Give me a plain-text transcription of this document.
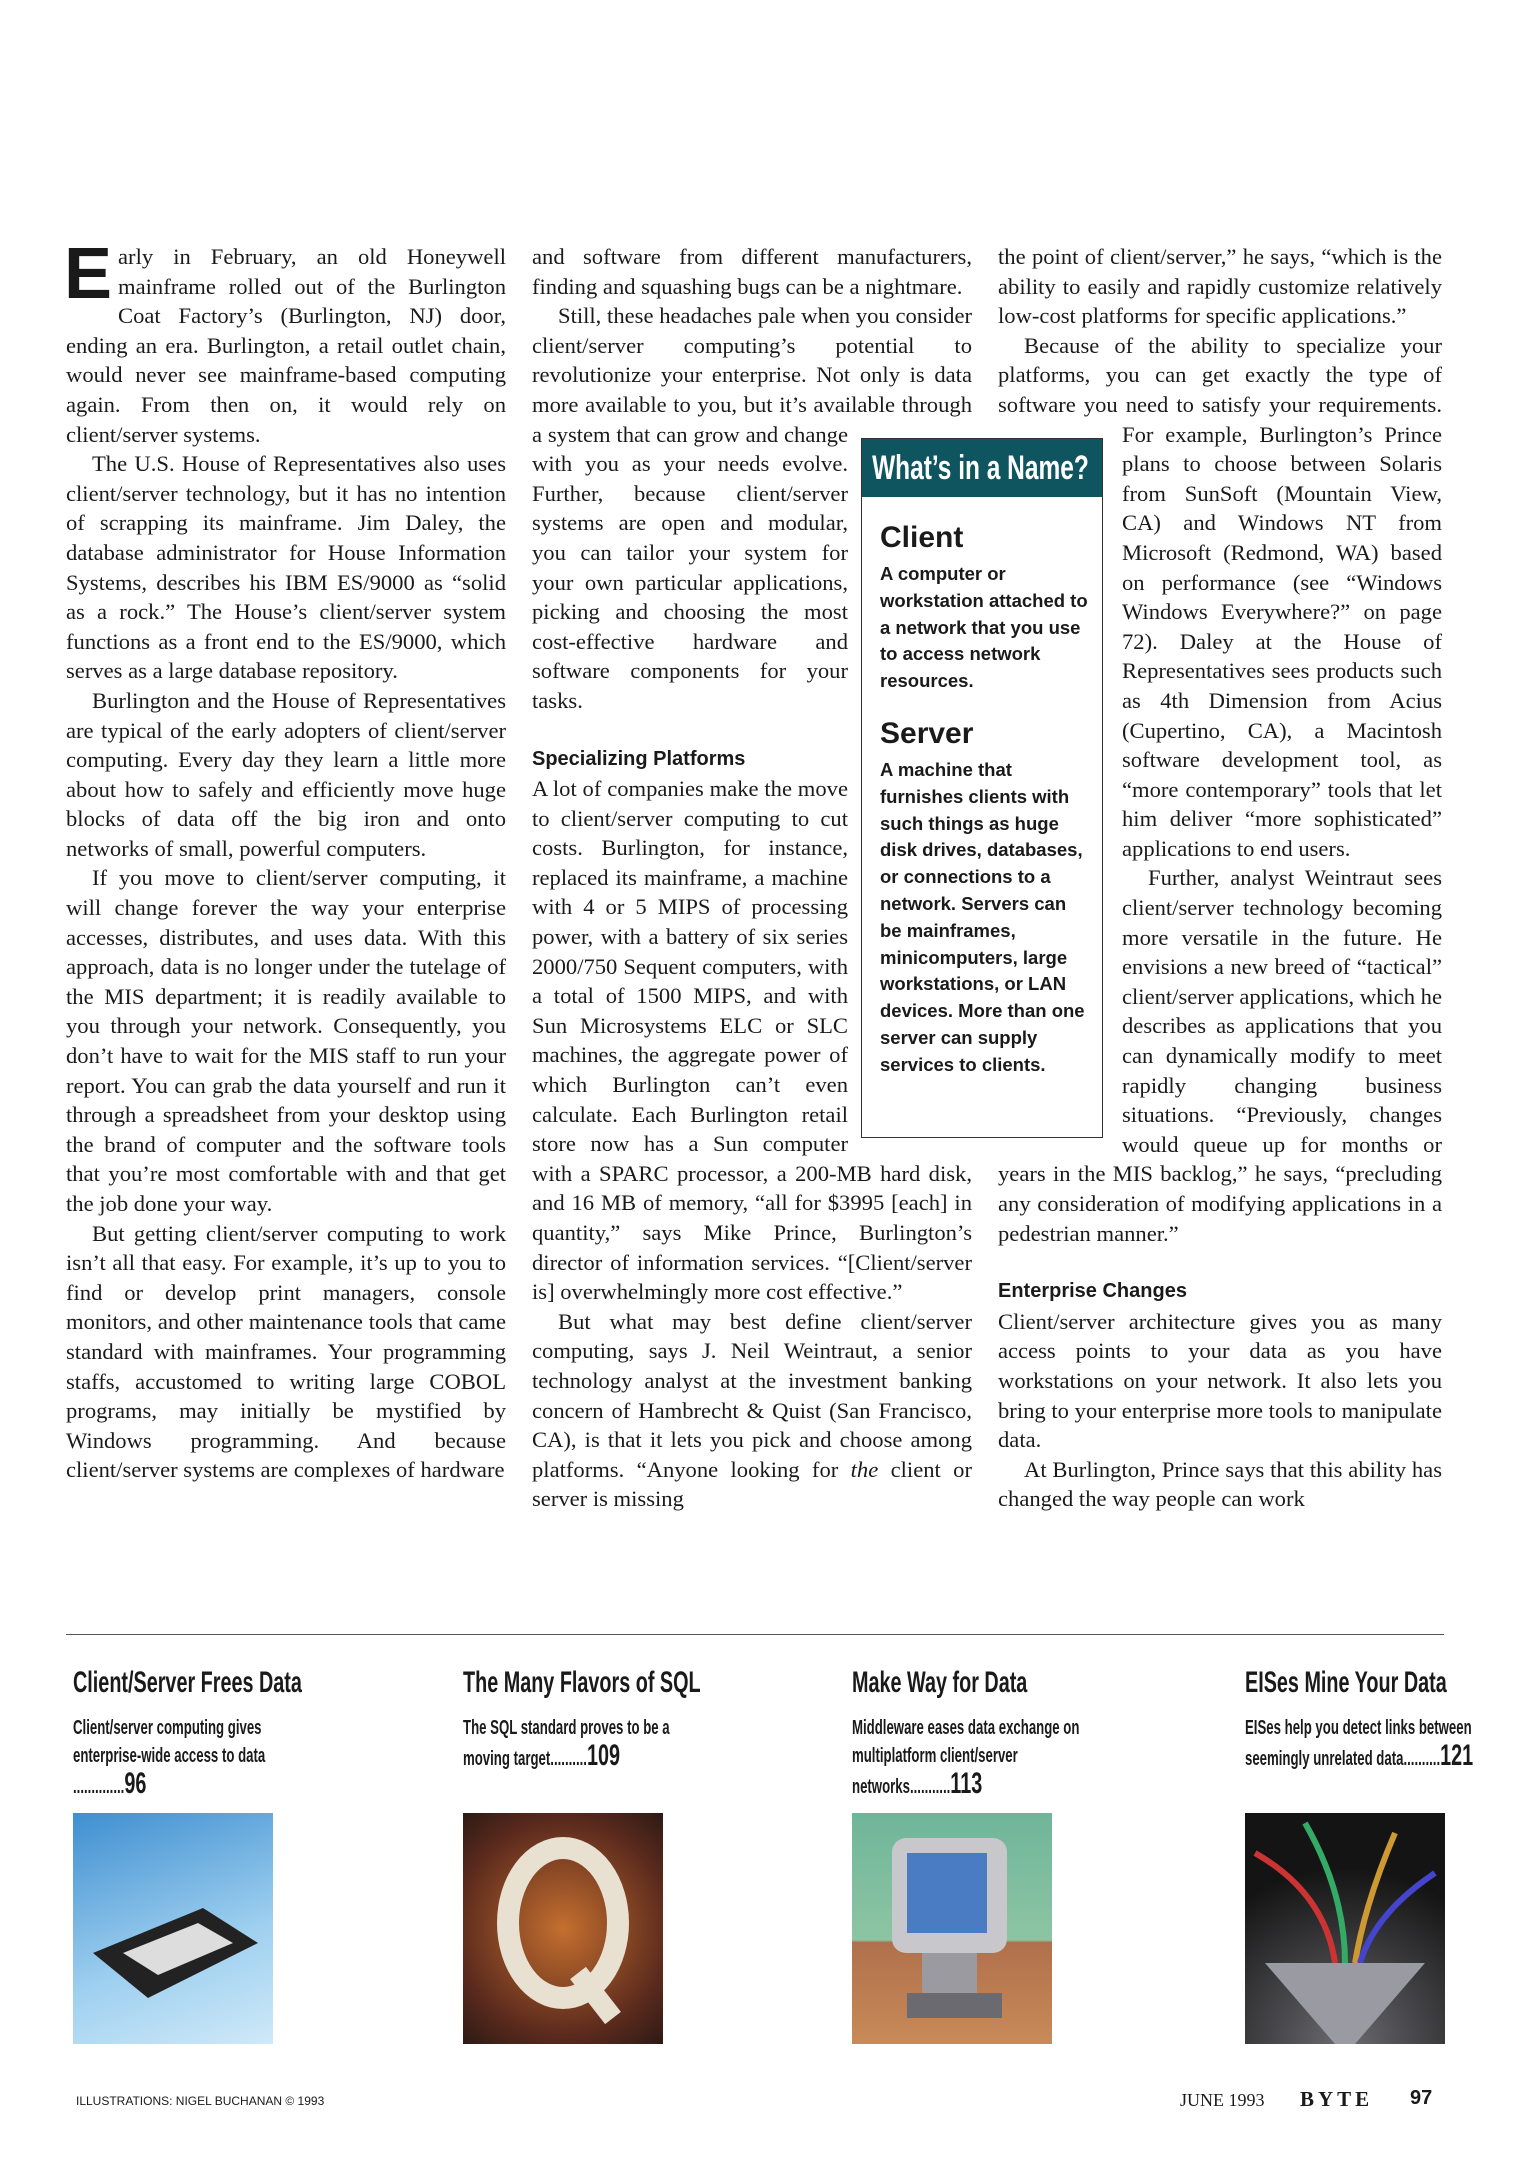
Early in February, an old Honeywell mainframe rolled out of the Burlington Coat Factory’s (Burlington, NJ) door, ending an era. Burlington, a retail outlet chain, would never see mainframe-based computing again. From then on, it would rely on client/server systems.

The U.S. House of Representatives also uses client/server technology, but it has no intention of scrapping its mainframe. Jim Daley, the database administrator for House Information Systems, describes his IBM ES/9000 as “solid as a rock.” The House’s client/server system functions as a front end to the ES/9000, which serves as a large database repository.

Burlington and the House of Representatives are typical of the early adopters of client/server computing. Every day they learn a little more about how to safely and efficiently move huge blocks of data off the big iron and onto networks of small, powerful computers.

If you move to client/server computing, it will change forever the way your enterprise accesses, distributes, and uses data. With this approach, data is no longer under the tutelage of the MIS department; it is readily available to you through your network. Consequently, you don’t have to wait for the MIS staff to run your report. You can grab the data yourself and run it through a spreadsheet from your desktop using the brand of computer and the software tools that you’re most comfortable with and that get the job done your way.

But getting client/server computing to work isn’t all that easy. For example, it’s up to you to find or develop print managers, console monitors, and other maintenance tools that came standard with mainframes. Your programming staffs, accustomed to writing large COBOL programs, may initially be mystified by Windows programming. And because client/server systems are complexes of hardware

and software from different manufacturers, finding and squashing bugs can be a nightmare.

Still, these headaches pale when you consider client/server computing’s potential to revolutionize your enterprise. Not only is data more available to you, but it’s available through a system that can grow and change with you as your needs evolve. Further, because client/server systems are open and modular, you can tailor your system for your own particular applications, picking and choosing the most cost-effective hardware and software components for your tasks.

Specializing Platforms

A lot of companies make the move to client/server computing to cut costs. Burlington, for instance, replaced its mainframe, a machine with 4 or 5 MIPS of processing power, with a battery of six series 2000/750 Sequent computers, with a total of 1500 MIPS, and with Sun Microsystems ELC or SLC machines, the aggregate power of which Burlington can’t even calculate. Each Burlington retail store now has a Sun computer with a SPARC processor, a 200-MB hard disk, and 16 MB of memory, “all for $3995 [each] in quantity,” says Mike Prince, Burlington’s director of information services. “[Client/server is] overwhelmingly more cost effective.”

But what may best define client/server computing, says J. Neil Weintraut, a senior technology analyst at the investment banking concern of Hambrecht & Quist (San Francisco, CA), is that it lets you pick and choose among platforms. “Anyone looking for the client or server is missing

the point of client/server,” he says, “which is the ability to easily and rapidly customize relatively low-cost platforms for specific applications.”

Because of the ability to specialize your platforms, you can get exactly the type of software you need to satisfy your requirements. For example, Burlington’s Prince plans to choose between Solaris from SunSoft (Mountain View, CA) and Windows NT from Microsoft (Redmond, WA) based on performance (see “Windows Windows Everywhere?” on page 72). Daley at the House of Representatives sees products such as 4th Dimension from Acius (Cupertino, CA), a Macintosh software development tool, as “more contemporary” tools that let him deliver “more sophisticated” applications to end users.

Further, analyst Weintraut sees client/server technology becoming more versatile in the future. He envisions a new breed of “tactical” client/server applications, which he describes as applications that you can dynamically modify to meet rapidly changing business situations. “Previously, changes would queue up for months or years in the MIS backlog,” he says, “precluding any consideration of modifying applications in a pedestrian manner.”

Enterprise Changes

Client/server architecture gives you as many access points to your data as you have workstations on your network. It also lets you bring to your enterprise more tools to manipulate data.

At Burlington, Prince says that this ability has changed the way people can work

What’s in a Name?
Client
A computer or workstation attached to a network that you use to access network resources.
Server
A machine that furnishes clients with such things as huge disk drives, databases, or connections to a network. Servers can be mainframes, minicomputers, large workstations, or LAN devices. More than one server can supply services to clients.
Client/Server Frees Data
Client/server computing gives enterprise-wide access to data ..............96
The Many Flavors of SQL
The SQL standard proves to be a moving target..........109
Make Way for Data
Middleware eases data exchange on multiplatform client/server networks...........113
EISes Mine Your Data
EISes help you detect links between seemingly unrelated data..........121
ILLUSTRATIONS: NIGEL BUCHANAN © 1993	JUNE 1993 BYTE 97
